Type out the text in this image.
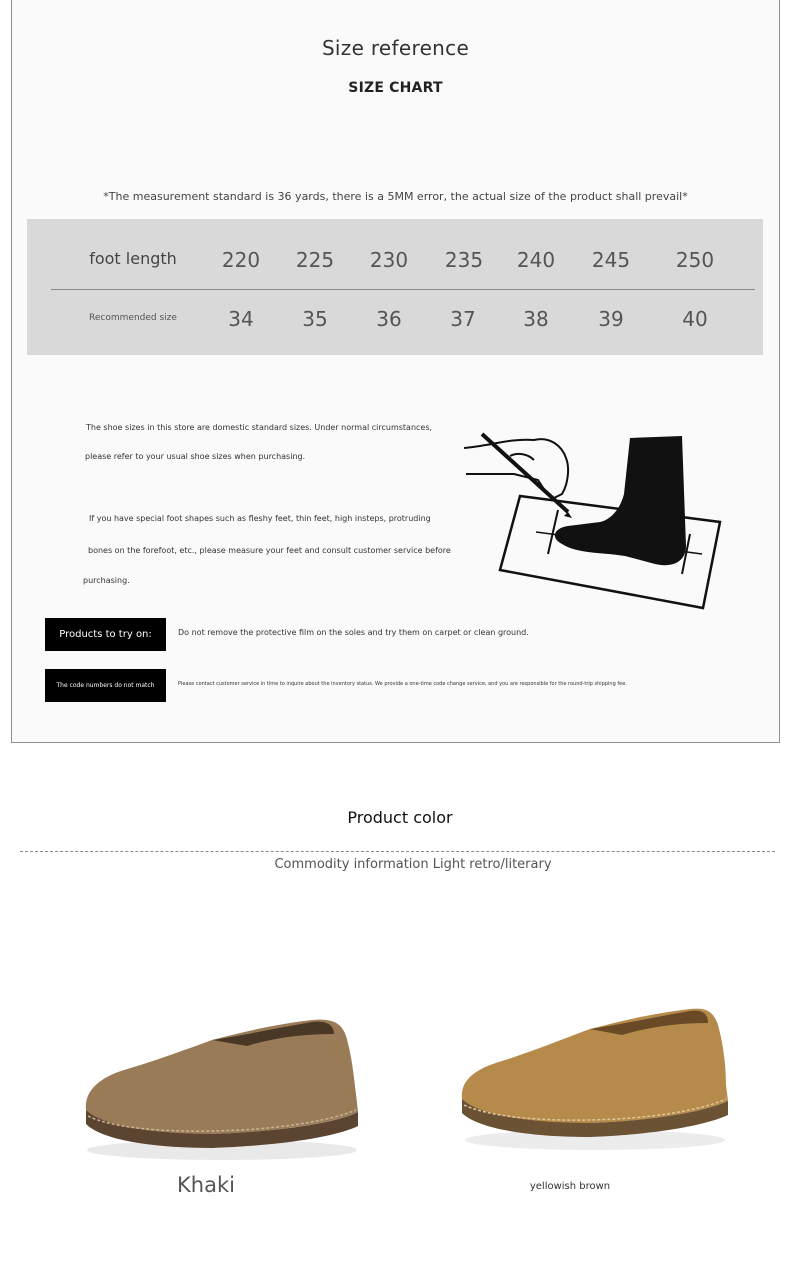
Size reference
SIZE CHART
*The measurement standard is 36 yards, there is a 5MM error, the actual size of the product shall prevail*
foot length	220	225	230	235	240	245	250
Recommended size	34	35	36	37	38	39	40
The shoe sizes in this store are domestic standard sizes. Under normal circumstances,
please refer to your usual shoe sizes when purchasing.
If you have special foot shapes such as fleshy feet, thin feet, high insteps, protruding
bones on the forefoot, etc., please measure your feet and consult customer service before
purchasing.
Products to try on:	Do not remove the protective film on the soles and try them on carpet or clean ground.
The code numbers do not match	Please contact customer service in time to inquire about the inventory status. We provide a one-time code change service, and you are responsible for the round-trip shipping fee.
Product color
Commodity information Light retro/literary
Khaki	yellowish brown
